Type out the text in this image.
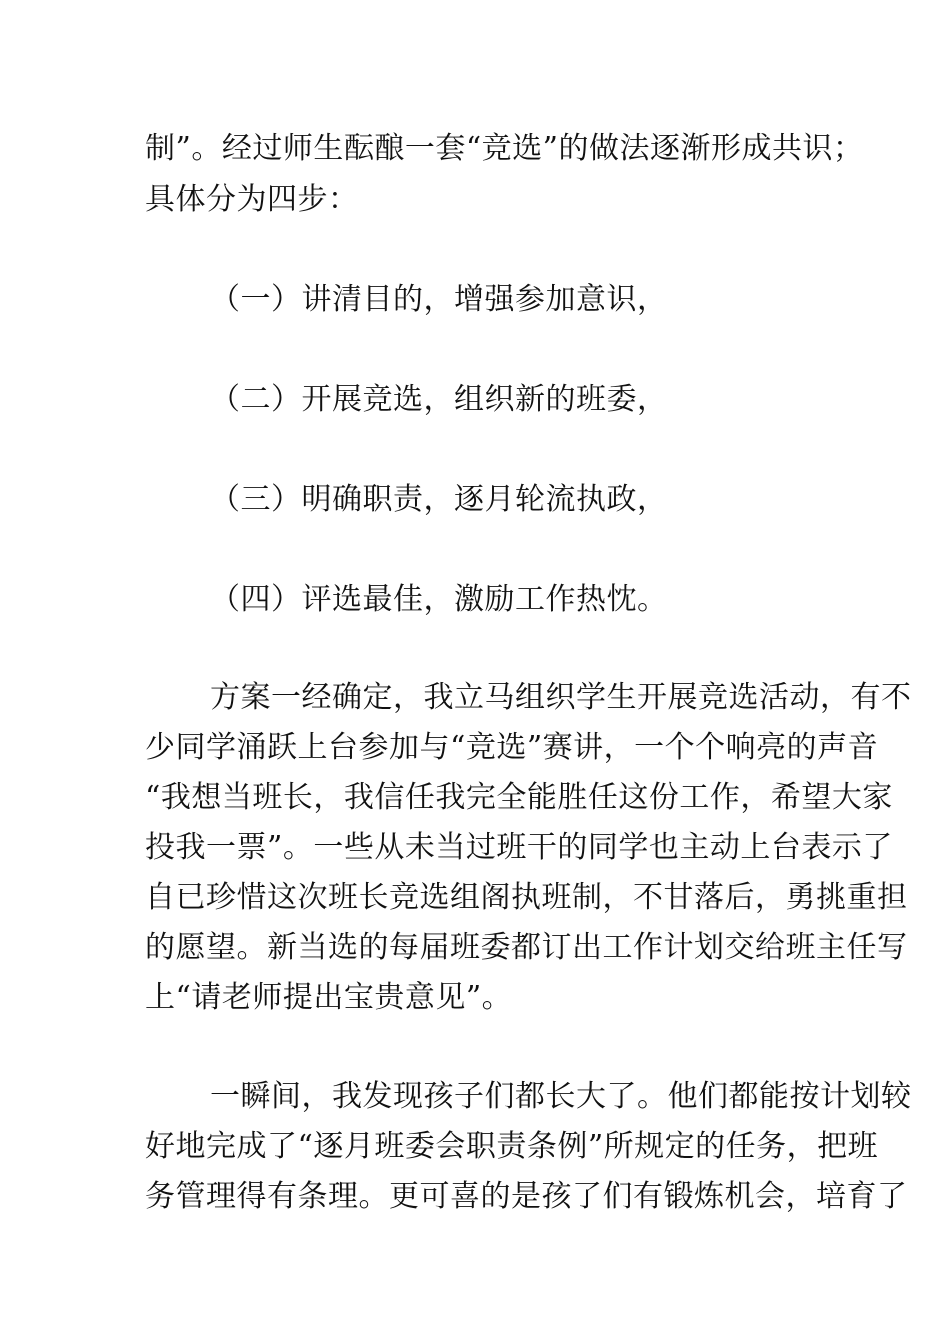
制”。经过师生酝酿一套“竞选”的做法逐渐形成共识；
具体分为四步：
（一）讲清目的，增强参加意识，
（二）开展竞选，组织新的班委，
（三）明确职责，逐月轮流执政，
（四）评选最佳，激励工作热忱。
方案一经确定，我立马组织学生开展竞选活动，有不
少同学涌跃上台参加与“竞选”赛讲，一个个响亮的声音
“我想当班长，我信任我完全能胜任这份工作，希望大家
投我一票”。一些从未当过班干的同学也主动上台表示了
自已珍惜这次班长竞选组阁执班制，不甘落后，勇挑重担
的愿望。新当选的每届班委都订出工作计划交给班主任写
上“请老师提出宝贵意见”。
一瞬间，我发现孩子们都长大了。他们都能按计划较
好地完成了“逐月班委会职责条例”所规定的任务，把班
务管理得有条理。更可喜的是孩了们有锻炼机会，培育了
